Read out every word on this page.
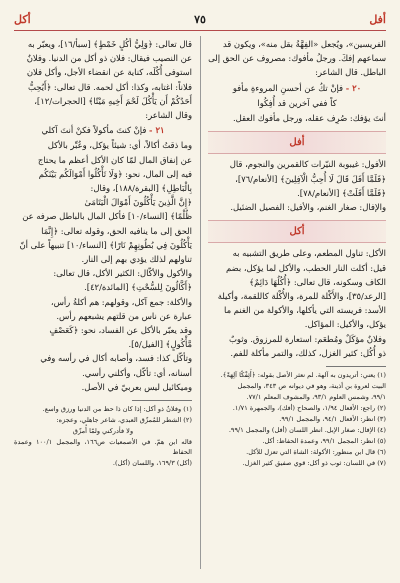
أفل
٧٥
أكل

الفريسين»، ويُجعل «الفِهَّةُ بقل منه»، ويكون قد

سماعهم إفكَ. ورجلُ مأفوك: مصروف عن الحق إلى

الباطل. قال الشاعر:

٢٠ - فإنْ تكُ عن أحسنِ المروءةِ مأفو
كاً ففي آخرين قد أُفِكُوا

أنتَ يؤفك: صُرِف عقله، ورجل مأفوك العقل.

أفل

الأفول: غيبوبة النيّرات كالقمرين والنجوم، قال

﴿فَلَمَّا أَفَلَ قَالَ لَا أُحِبُّ الْآفِلِينَ﴾ [الأنعام/٧٦]،

﴿فَلَمَّا أَفَلَتْ﴾ [الأنعام/٧٨].

والإفال: صغار الغنم، والأفيل: الفصيل الضئيل.

أكل

الأكل: تناول المطعم، وعلى طريق التشبيه به

قيل: أكلت النار الحطب، والأكل لما يؤكل، بضم

الكاف وسكونه، قال تعالى: ﴿أُكُلُهَا دَائِمٌ﴾

[الرعد/٣٥]، والأَكْلة للمرة، والأُكْلة كاللقمة، وأكيلة

الأسد: فريسته التي يأكلها، والأكولة من الغنم ما

يؤكل، والأكيل: المؤاكل.

وفلانٌ مؤكَلٌ ومُطعَم: استعارة للمرزوق. وثوبٌ

ذو أُكُل: كثير الغزل، كذلك، والتمر مأكلة للفم.

(١) يعني: أتريدون به آلهة. لم نعثر الأصل بقوله: ﴿أَئِفْكًا آلِهَةً﴾.

البيت لعروة بن أذينة، وهو في ديوانه ص ٣٤٣، والمجمل

٩٩/١، وشمس العلوم ٩٣/١، والمشوف المعلم ٧٧/١.

(٢) راجع: الأفعال ١/٩٤، والصحاح (أفك)، والجمهرة ١/٧١.

(٣) انظر: الأفعال ٩٤/١، والمجمل ٩٩/١.

(٤) الإفال: صغار الإبل. انظر اللسان (أفل) والمجمل ٩٩/١.

(٥) انظر: المجمل ٩٩/١، وعمدة الحفاظ: أكل.

(٦) قال ابن منظور: الأكولة: الشاة التي تعزل للأكل.

(٧) في اللسان: ثوب ذو أكل: قوي صفيق كثير الغزل.

قال تعالى: ﴿وَلِيُّ أُكُلٍ خَمْطٍ﴾ [سبأ/١٦]، ويعبّر به

عن النصيب فيقال: فلان ذو أكل من الدنيا. وفلانٌ

استوفى أُكُلَه، كناية عن انقضاء الأجل، وأكل فلان

فلاناً: اغتابه، وكذا: أكل لحمه. قال تعالى: ﴿أَيُحِبُّ

أَحَدُكُمْ أَن يَأْكُلَ لَحْمَ أَخِيهِ مَيْتًا﴾ [الحجرات/١٢]،

وقال الشاعر:

٢١ - فإنْ كنتَ مأكولاً فكنْ أنتَ آكلي

وما ذقتُ أكالاً، أي: شيئاً يؤكل، وعُبِّر بالأكل

عن إنفاق المال لمّا كان الأكل أعظم ما يحتاج

فيه إلى المال، نحو: ﴿وَلَا تَأْكُلُوا أَمْوَالَكُم بَيْنَكُم

بِالْبَاطِلِ﴾ [البقرة/١٨٨]، وقال:

﴿إِنَّ الَّذِينَ يَأْكُلُونَ أَمْوَالَ الْيَتَامَىٰ

ظُلْمًا﴾ [النساء/١٠] فأكل المال بالباطل صرفه عن

الحق إلى ما ينافيه الحق، وقوله تعالى: ﴿إِنَّمَا

يَأْكُلُونَ فِي بُطُونِهِمْ نَارًا﴾ [النساء/١٠] تنبيهاً على أنّ

تناولهم لذلك يؤدي بهم إلى النار.

والأكول والأكّال: الكثير الأكل، قال تعالى:

﴿أَكَّالُونَ لِلسُّحْتِ﴾ [المائدة/٤٢].

والأكلة: جمع آكل، وقولهم: هم أكلةُ رأس،

عبارة عن ناس من قلتهم يشبعهم رأس.

وقد يعبّر بالأكل عن الفساد، نحو: ﴿كَعَصْفٍ

مَّأْكُولٍ﴾ [الفيل/٥].

وتأكّل كذا: فسد، وأصابه أكال في رأسه وفي

أسنانه، أي: تأكّل، وأكلني رأسي.

وميكائيل ليس بعربيّ في الأصل.

(١) وفلانٌ ذو أكل: إذا كان ذا حظ من الدنيا ورزق واسع.

(٢) الشطر للمُمزّق العبدي، شاعر جاهلي، وعجزه:

ولا فأدركني ولمّا أُمزّق

قاله ابن همّ. في الأصمعيات ص١٦٦، والمجمل ١٠٠/١ وعمدة الحفاظ

(أكل) ١٦٩/٣، واللسان (أكل).
